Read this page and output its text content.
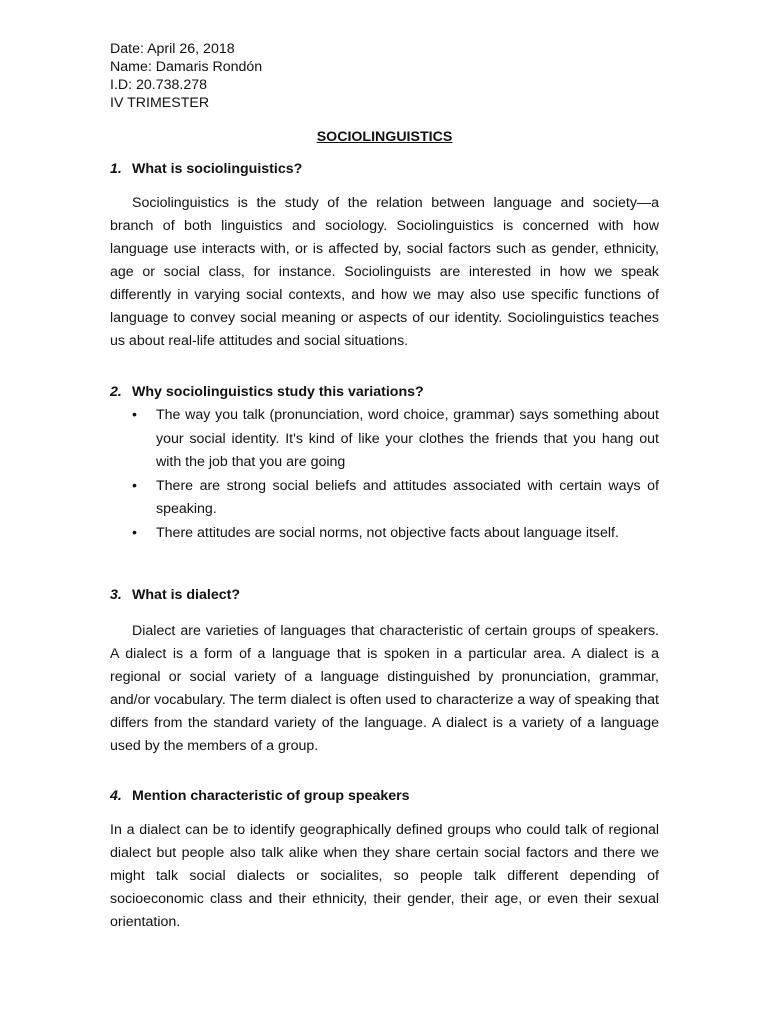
Date: April 26, 2018

Name: Damaris Rondón

I.D: 20.738.278

IV TRIMESTER

SOCIOLINGUISTICS
1. What is sociolinguistics?

Sociolinguistics is the study of the relation between language and society—a branch of both linguistics and sociology. Sociolinguistics is concerned with how language use interacts with, or is affected by, social factors such as gender, ethnicity, age or social class, for instance. Sociolinguists are interested in how we speak differently in varying social contexts, and how we may also use specific functions of language to convey social meaning or aspects of our identity. Sociolinguistics teaches us about real-life attitudes and social situations.

2. Why sociolinguistics study this variations?
• The way you talk (pronunciation, word choice, grammar) says something about your social identity. It's kind of like your clothes the friends that you hang out with the job that you are going
• There are strong social beliefs and attitudes associated with certain ways of speaking.
• There attitudes are social norms, not objective facts about language itself.
3. What is dialect?

Dialect are varieties of languages that characteristic of certain groups of speakers. A dialect is a form of a language that is spoken in a particular area. A dialect is a regional or social variety of a language distinguished by pronunciation, grammar, and/or vocabulary. The term dialect is often used to characterize a way of speaking that differs from the standard variety of the language. A dialect is a variety of a language used by the members of a group.

4. Mention characteristic of group speakers

In a dialect can be to identify geographically defined groups who could talk of regional dialect but people also talk alike when they share certain social factors and there we might talk social dialects or socialites, so people talk different depending of socioeconomic class and their ethnicity, their gender, their age, or even their sexual orientation.
